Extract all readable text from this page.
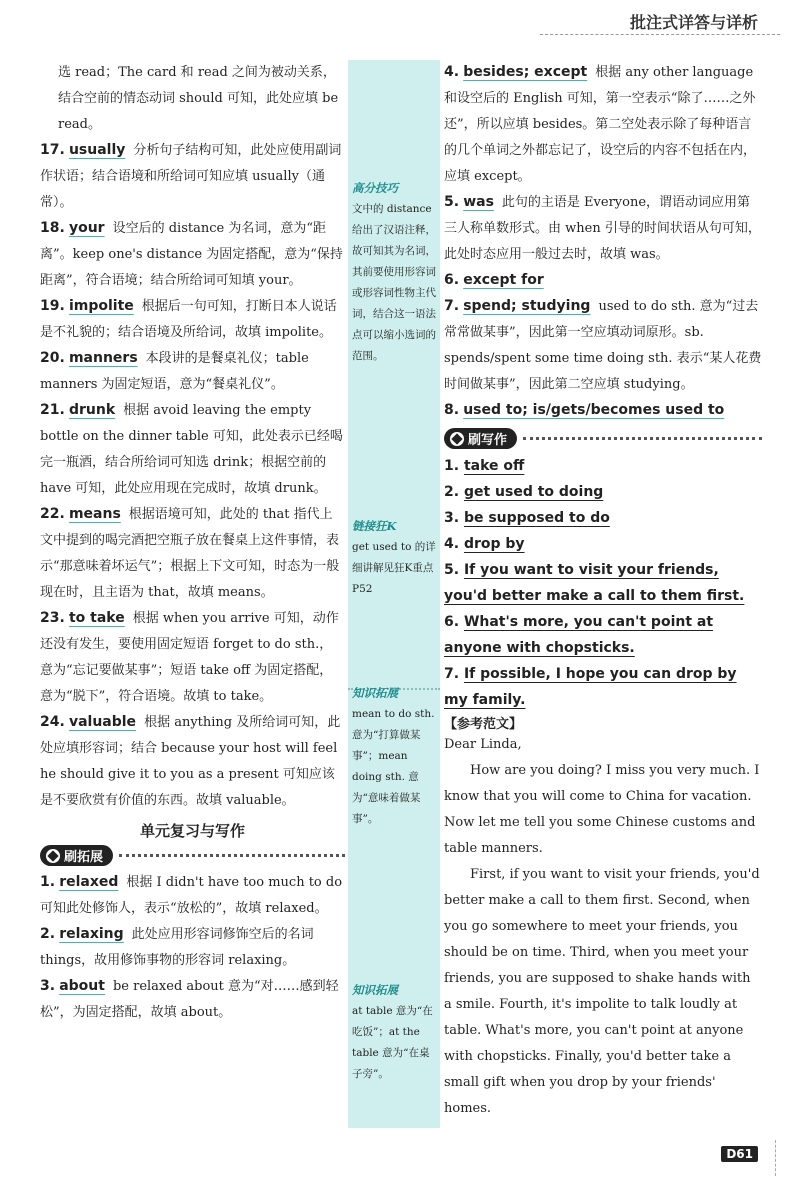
批注式详答与详析
高分技巧
文中的 distance 给出了汉语注释，故可知其为名词，其前要使用形容词或形容词性物主代词，结合这一语法点可以缩小选词的范围。
链接狂K
get used to 的详细讲解见狂K重点 P52
知识拓展
mean to do sth. 意为“打算做某事”；mean doing sth. 意为“意味着做某事”。
知识拓展
at table 意为“在吃饭”；at the table 意为“在桌子旁”。

选 read；The card 和 read 之间为被动关系，结合空前的情态动词 should 可知，此处应填 be read。

17. usually 分析句子结构可知，此处应使用副词作状语；结合语境和所给词可知应填 usually（通常）。

18. your 设空后的 distance 为名词，意为“距离”。keep one's distance 为固定搭配，意为“保持距离”，符合语境；结合所给词可知填 your。

19. impolite 根据后一句可知，打断日本人说话是不礼貌的；结合语境及所给词，故填 impolite。

20. manners 本段讲的是餐桌礼仪；table manners 为固定短语，意为“餐桌礼仪”。

21. drunk 根据 avoid leaving the empty bottle on the dinner table 可知，此处表示已经喝完一瓶酒，结合所给词可知选 drink；根据空前的 have 可知，此处应用现在完成时，故填 drunk。

22. means 根据语境可知，此处的 that 指代上文中提到的喝完酒把空瓶子放在餐桌上这件事情，表示“那意味着坏运气”；根据上下文可知，时态为一般现在时，且主语为 that，故填 means。

23. to take 根据 when you arrive 可知，动作还没有发生，要使用固定短语 forget to do sth.，意为“忘记要做某事”；短语 take off 为固定搭配，意为“脱下”，符合语境。故填 to take。

24. valuable 根据 anything 及所给词可知，此处应填形容词；结合 because your host will feel he should give it to you as a present 可知应该是不要欣赏有价值的东西。故填 valuable。

单元复习与写作
刷拓展

1. relaxed 根据 I didn't have too much to do 可知此处修饰人，表示“放松的”，故填 relaxed。

2. relaxing 此处应用形容词修饰空后的名词 things，故用修饰事物的形容词 relaxing。

3. about be relaxed about 意为“对……感到轻松”，为固定搭配，故填 about。

4. besides; except 根据 any other language 和设空后的 English 可知，第一空表示“除了……之外还”，所以应填 besides。第二空处表示除了每种语言的几个单词之外都忘记了，设空后的内容不包括在内，应填 except。

5. was 此句的主语是 Everyone，谓语动词应用第三人称单数形式。由 when 引导的时间状语从句可知，此处时态应用一般过去时，故填 was。

6. except for

7. spend; studying used to do sth. 意为“过去常常做某事”，因此第一空应填动词原形。sb. spends/spent some time doing sth. 表示“某人花费时间做某事”，因此第二空应填 studying。

8. used to; is/gets/becomes used to

刷写作
1. take off
2. get used to doing
3. be supposed to do
4. drop by
5. If you want to visit your friends, you'd better make a call to them first.
6. What's more, you can't point at anyone with chopsticks.
7. If possible, I hope you can drop by my family.
【参考范文】
Dear Linda,

How are you doing? I miss you very much. I know that you will come to China for vacation. Now let me tell you some Chinese customs and table manners.

First, if you want to visit your friends, you'd better make a call to them first. Second, when you go somewhere to meet your friends, you should be on time. Third, when you meet your friends, you are supposed to shake hands with a smile. Fourth, it's impolite to talk loudly at table. What's more, you can't point at anyone with chopsticks. Finally, you'd better take a small gift when you drop by your friends' homes.

D61
